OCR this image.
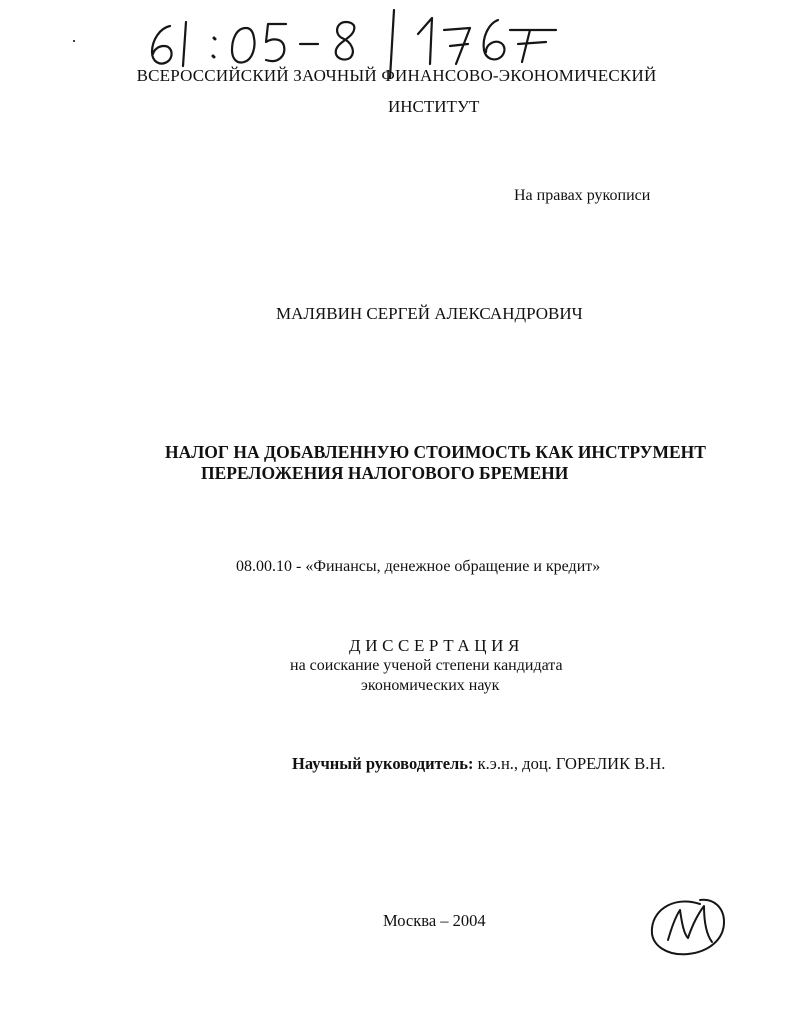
ВСЕРОССИЙСКИЙ ЗАОЧНЫЙ ФИНАНСОВО-ЭКОНОМИЧЕСКИЙ
ИНСТИТУТ
На правах рукописи
МАЛЯВИН СЕРГЕЙ АЛЕКСАНДРОВИЧ
НАЛОГ НА ДОБАВЛЕННУЮ СТОИМОСТЬ КАК ИНСТРУМЕНТ
ПЕРЕЛОЖЕНИЯ НАЛОГОВОГО БРЕМЕНИ
08.00.10 - «Финансы, денежное обращение и кредит»
ДИССЕРТАЦИЯ
на соискание ученой степени кандидата
экономических наук
Научный руководитель: к.э.н., доц. ГОРЕЛИК В.Н.
Москва – 2004
